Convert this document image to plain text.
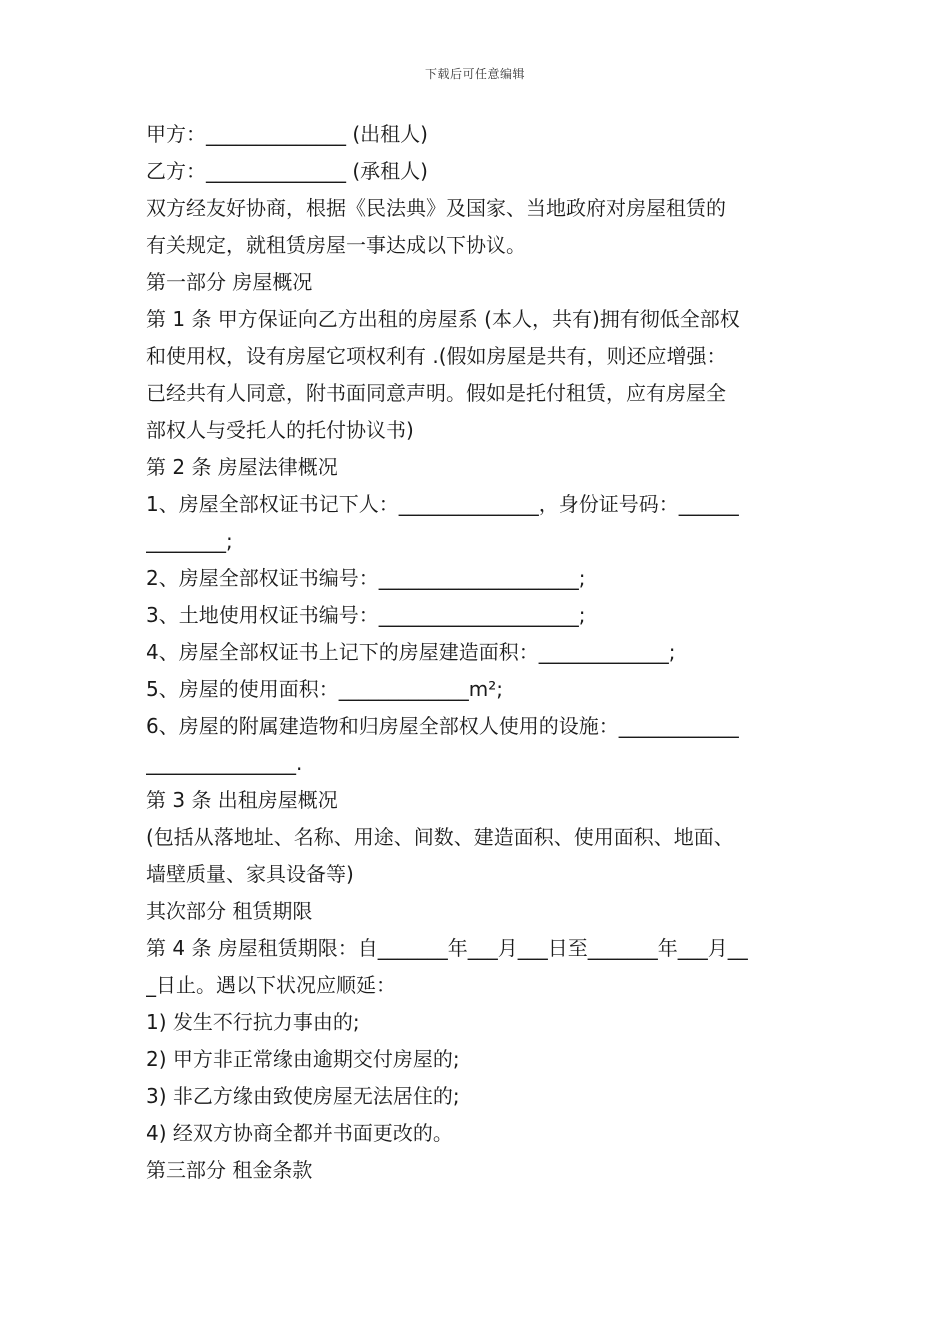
下载后可任意编辑
甲方：______________ (出租人)
乙方：______________ (承租人)
双方经友好协商，根据《民法典》及国家、当地政府对房屋租赁的
有关规定，就租赁房屋一事达成以下协议。
第一部分 房屋概况
第 1 条 甲方保证向乙方出租的房屋系 (本人，共有)拥有彻低全部权
和使用权，设有房屋它项权利有 .(假如房屋是共有，则还应增强：
已经共有人同意，附书面同意声明。假如是托付租赁，应有房屋全
部权人与受托人的托付协议书)
第 2 条 房屋法律概况
1、房屋全部权证书记下人：______________，身份证号码：______
________;
2、房屋全部权证书编号：____________________;
3、土地使用权证书编号：____________________;
4、房屋全部权证书上记下的房屋建造面积：_____________;
5、房屋的使用面积：_____________m²;
6、房屋的附属建造物和归房屋全部权人使用的设施：____________
_______________.
第 3 条 出租房屋概况
(包括从落地址、名称、用途、间数、建造面积、使用面积、地面、
墙壁质量、家具设备等)
其次部分 租赁期限
第 4 条 房屋租赁期限：自_______年___月___日至_______年___月__
_日止。遇以下状况应顺延：
1) 发生不行抗力事由的;
2) 甲方非正常缘由逾期交付房屋的;
3) 非乙方缘由致使房屋无法居住的;
4) 经双方协商全都并书面更改的。
第三部分 租金条款
